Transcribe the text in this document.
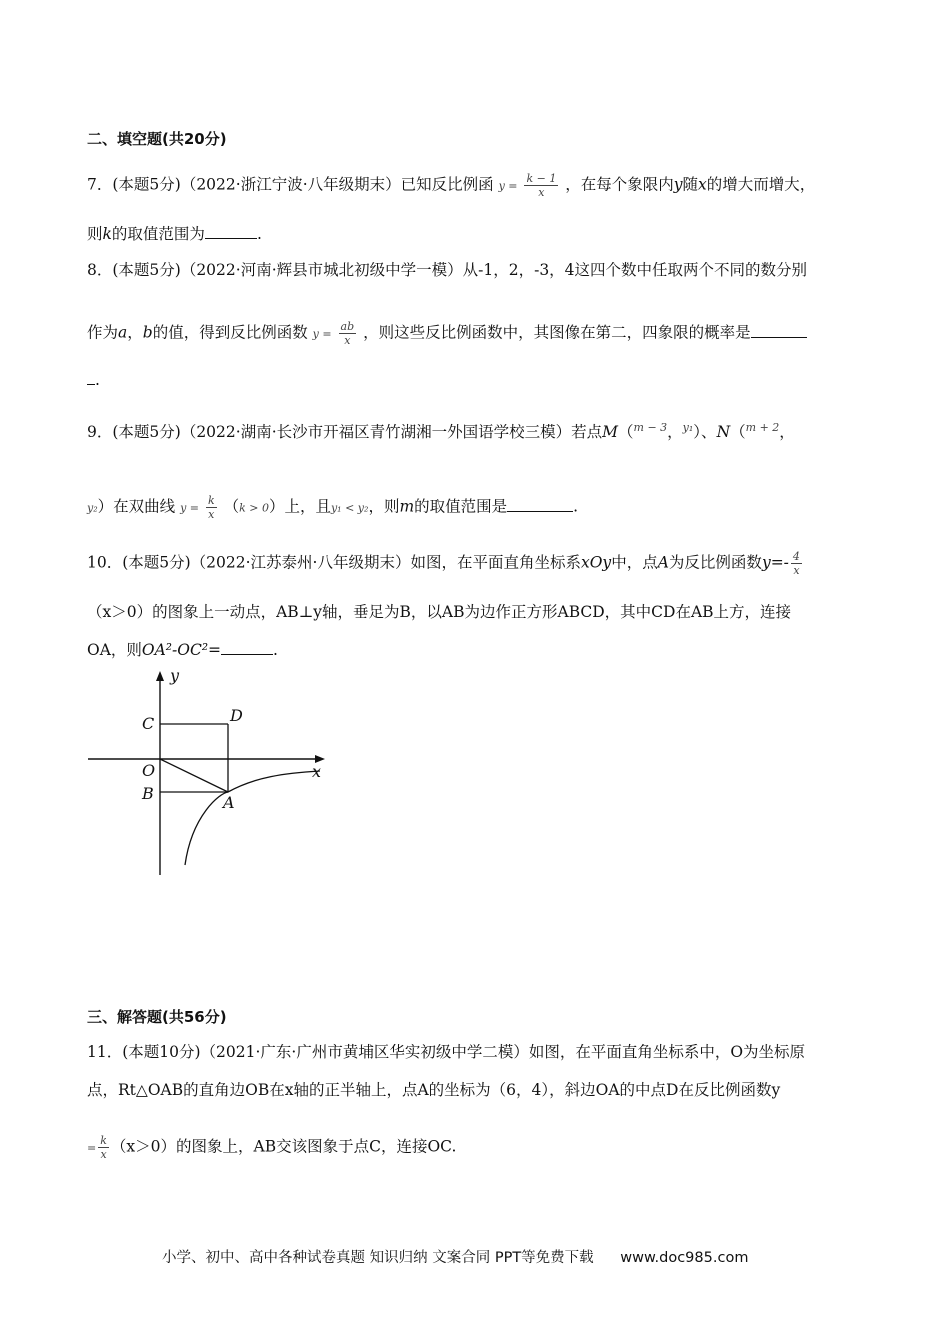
二、填空题(共20分)
7．(本题5分)（2022·浙江宁波·八年级期末）已知反比例函 $y = \frac{k - 1}{x}$ ，在每个象限内y随x的增大而增大，
则k的取值范围为	.
8．(本题5分)（2022·河南·辉县市城北初级中学一模）从-1，2，-3，4这四个数中任取两个不同的数分别
作为a，b的值，得到反比例函数 $y = \frac{ab}{x}$ ，则这些反比例函数中，其图像在第二，四象限的概率是
.
9．(本题5分)（2022·湖南·长沙市开福区青竹湖湘一外国语学校三模）若点M（$^{m - 3}$，$^{y_1}$）、N（$^{m + 2}$，
y₂）在双曲线 $y = \frac{k}{x} (k > 0)$上，且y₁ < y₂，则m的取值范围是	.
10．(本题5分)（2022·江苏泰州·八年级期末）如图，在平面直角坐标系xOy中，点A为反比例函数$y=- \frac{4}{x}$
（x＞0）的图象上一动点，AB⊥y轴，垂足为B，以AB为边作正方形ABCD，其中CD在AB上方，连接
OA，则OA²-OC²=	.
y
x
C	D
O
B	A
三、解答题(共56分)
11．(本题10分)（2021·广东·广州市黄埔区华实初级中学二模）如图，在平面直角坐标系中，O为坐标原
点，Rt△OAB的直角边OB在x轴的正半轴上，点A的坐标为（6，4），斜边OA的中点D在反比例函数y
= $\frac{k}{x} (x>0)$的图象上，AB交该图象于点C，连接OC.
小学、初中、高中各种试卷真题 知识归纳 文案合同 PPT等免费下载 www.doc985.com
